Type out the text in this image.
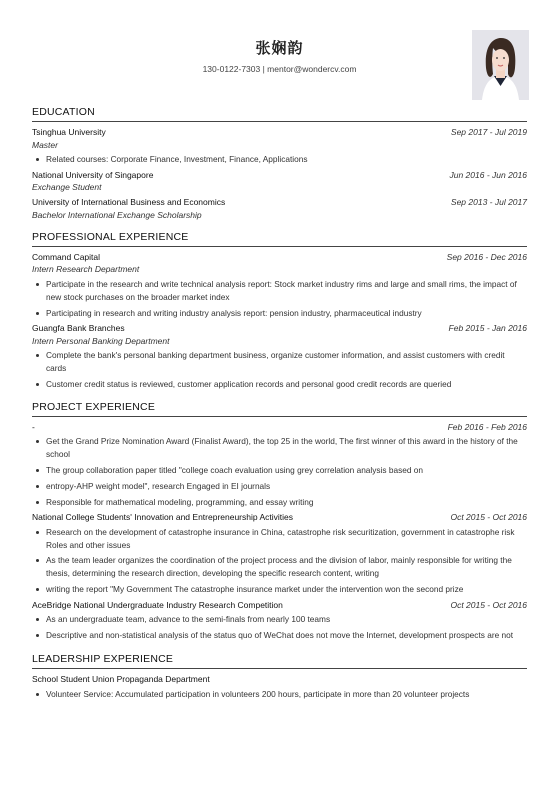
张娴韵
130-0122-7303 | mentor@wondercv.com
EDUCATION
Tsinghua University	Sep 2017 - Jul 2019
Master
Related courses: Corporate Finance, Investment, Finance, Applications
National University of Singapore	Jun 2016 - Jun 2016
Exchange Student
University of International Business and Economics	Sep 2013 - Jul 2017
Bachelor International Exchange Scholarship
PROFESSIONAL EXPERIENCE
Command Capital	Sep 2016 - Dec 2016
Intern Research Department
Participate in the research and write technical analysis report: Stock market industry rims and large and small rims, the impact of new stock purchases on the broader market index
Participating in research and writing industry analysis report: pension industry, pharmaceutical industry
Guangfa Bank Branches	Feb 2015 - Jan 2016
Intern Personal Banking Department
Complete the bank's personal banking department business, organize customer information, and assist customers with credit cards
Customer credit status is reviewed, customer application records and personal good credit records are queried
PROJECT EXPERIENCE
-	Feb 2016 - Feb 2016
Get the Grand Prize Nomination Award (Finalist Award), the top 25 in the world, The first winner of this award in the history of the school
The group collaboration paper titled "college coach evaluation using grey correlation analysis based on
entropy-AHP weight model", research Engaged in EI journals
Responsible for mathematical modeling, programming, and essay writing
National College Students' Innovation and Entrepreneurship Activities	Oct 2015 - Oct 2016
Research on the development of catastrophe insurance in China, catastrophe risk securitization, government in catastrophe risk Roles and other issues
As the team leader organizes the coordination of the project process and the division of labor, mainly responsible for writing the thesis, determining the research direction, developing the specific research content, writing
writing the report "My Government The catastrophe insurance market under the intervention won the second prize
AceBridge National Undergraduate Industry Research Competition	Oct 2015 - Oct 2016
As an undergraduate team, advance to the semi-finals from nearly 100 teams
Descriptive and non-statistical analysis of the status quo of WeChat does not move the Internet, development prospects are not
LEADERSHIP EXPERIENCE
School Student Union Propaganda Department
Volunteer Service: Accumulated participation in volunteers 200 hours, participate in more than 20 volunteer projects
